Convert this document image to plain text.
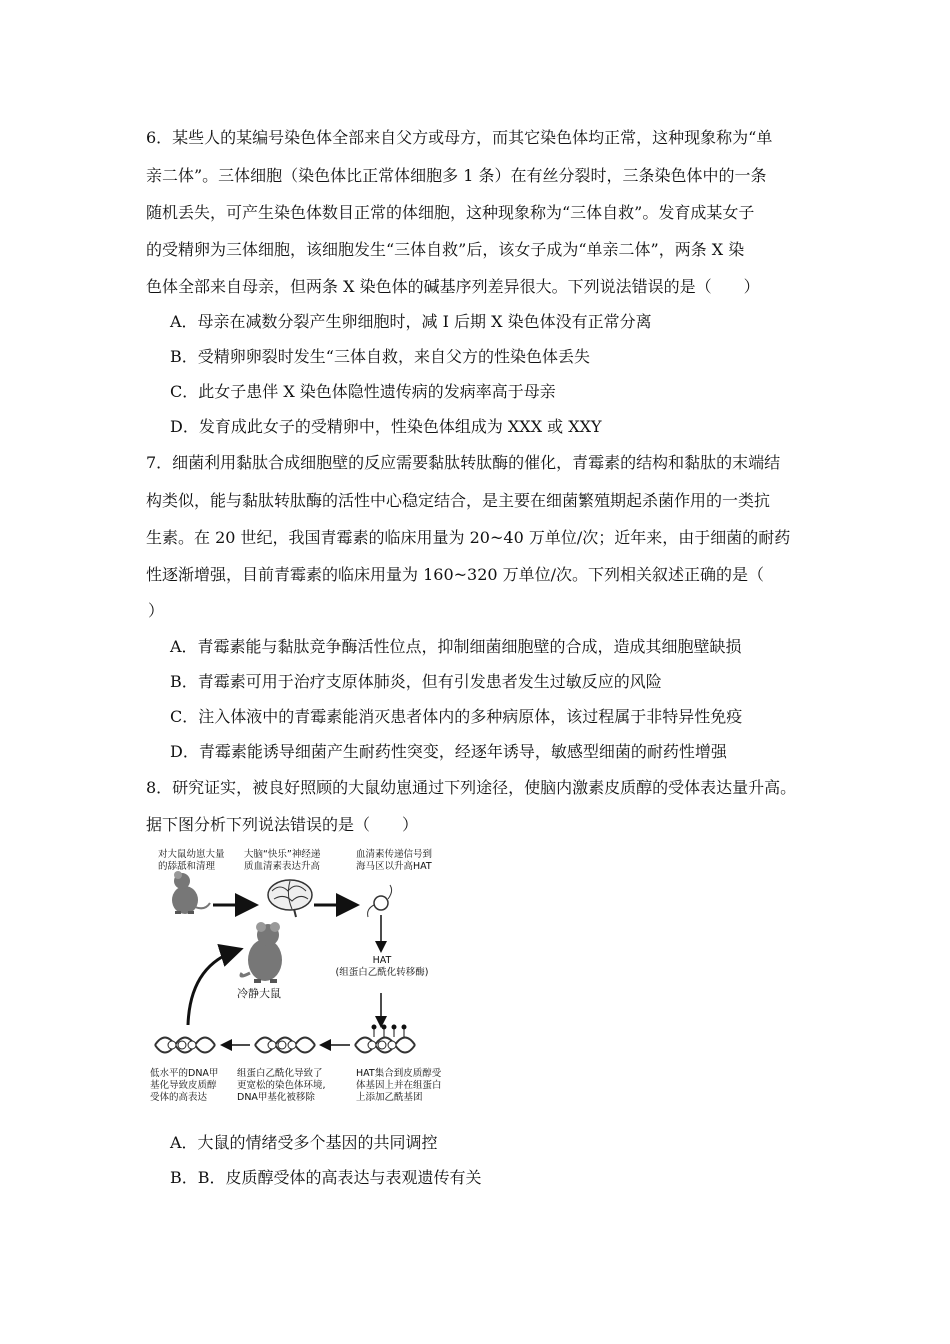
6．某些人的某编号染色体全部来自父方或母方，而其它染色体均正常，这种现象称为“单
亲二体”。三体细胞（染色体比正常体细胞多 1 条）在有丝分裂时，三条染色体中的一条
随机丢失，可产生染色体数目正常的体细胞，这种现象称为“三体自救”。发育成某女子
的受精卵为三体细胞，该细胞发生“三体自救”后，该女子成为“单亲二体”，两条 X 染
色体全部来自母亲，但两条 X 染色体的碱基序列差异很大。下列说法错误的是（　　）
A．母亲在减数分裂产生卵细胞时，减 I 后期 X 染色体没有正常分离
B．受精卵卵裂时发生“三体自救，来自父方的性染色体丢失
C．此女子患伴 X 染色体隐性遗传病的发病率高于母亲
D．发育成此女子的受精卵中，性染色体组成为 XXX 或 XXY
7．细菌利用黏肽合成细胞壁的反应需要黏肽转肽酶的催化，青霉素的结构和黏肽的末端结
构类似，能与黏肽转肽酶的活性中心稳定结合，是主要在细菌繁殖期起杀菌作用的一类抗
生素。在 20 世纪，我国青霉素的临床用量为 20~40 万单位/次；近年来，由于细菌的耐药
性逐渐增强，目前青霉素的临床用量为 160~320 万单位/次。下列相关叙述正确的是（
）
A．青霉素能与黏肽竞争酶活性位点，抑制细菌细胞壁的合成，造成其细胞壁缺损
B．青霉素可用于治疗支原体肺炎，但有引发患者发生过敏反应的风险
C．注入体液中的青霉素能消灭患者体内的多种病原体，该过程属于非特异性免疫
D．青霉素能诱导细菌产生耐药性突变，经逐年诱导，敏感型细菌的耐药性增强
8．研究证实，被良好照顾的大鼠幼崽通过下列途径，使脑内激素皮质醇的受体表达量升高。
据下图分析下列说法错误的是（　　）
对大鼠幼崽大量
的舔舐和清理
大脑“快乐”神经递
质血清素表达升高
血清素传递信号到
海马区以升高HAT
HAT
(组蛋白乙酰化转移酶)
冷静大鼠
低水平的DNA甲
基化导致皮质醇
受体的高表达
组蛋白乙酰化导致了
更宽松的染色体环境,
DNA甲基化被移除
HAT集合到皮质醇受
体基因上并在组蛋白
上添加乙酰基团
A．大鼠的情绪受多个基因的共同调控
B．B．皮质醇受体的高表达与表观遗传有关
